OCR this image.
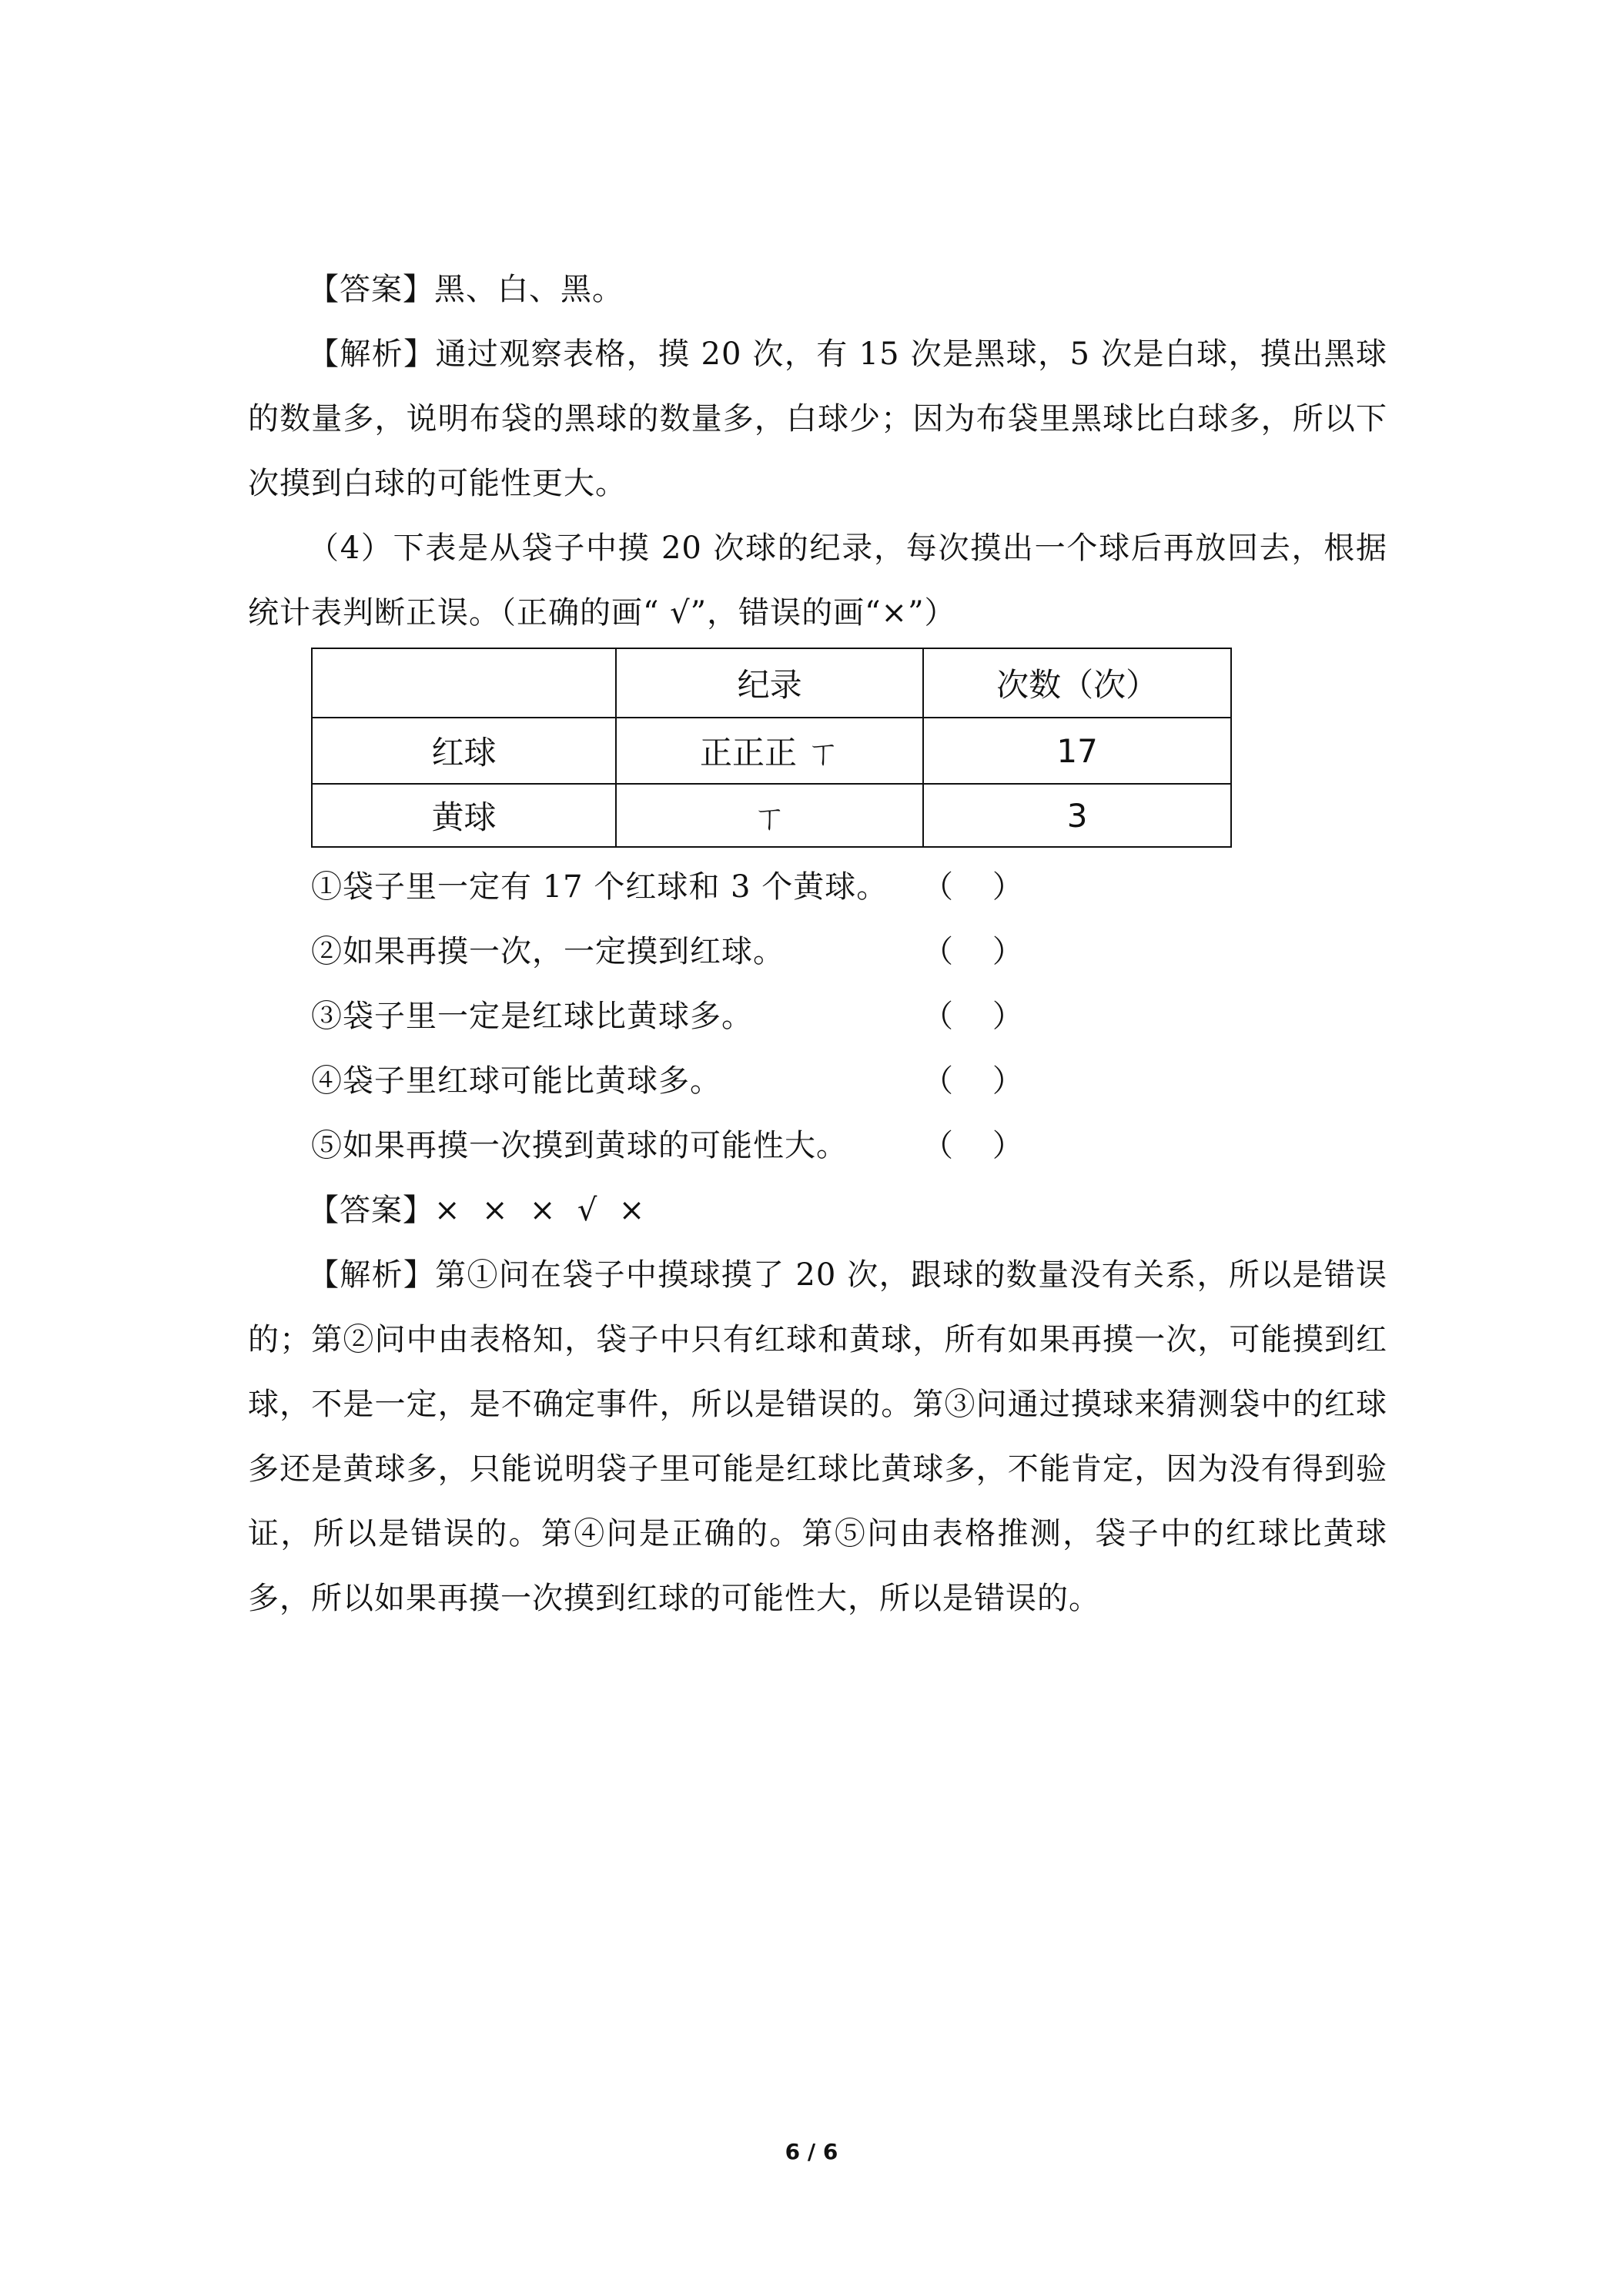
【答案】黑、白、黑。

【解析】通过观察表格，摸 20 次，有 15 次是黑球，5 次是白球，摸出黑球的数量多，说明布袋的黑球的数量多，白球少；因为布袋里黑球比白球多，所以下次摸到白球的可能性更大。

（4）下表是从袋子中摸 20 次球的纪录，每次摸出一个球后再放回去，根据统计表判断正误。（正确的画“ √”，错误的画“×”）

	纪录	次数（次）
红球	正正正 ㄒ	17
黄球	ㄒ	3
①袋子里一定有 17 个红球和 3 个黄球。 （    ）
②如果再摸一次，一定摸到红球。	（    ）
③袋子里一定是红球比黄球多。	（    ）
④袋子里红球可能比黄球多。	（    ）
⑤如果再摸一次摸到黄球的可能性大。 （    ）
【答案】×  ×  ×  √  ×

【解析】第①问在袋子中摸球摸了 20 次，跟球的数量没有关系，所以是错误的；第②问中由表格知，袋子中只有红球和黄球，所有如果再摸一次，可能摸到红球，不是一定，是不确定事件，所以是错误的。第③问通过摸球来猜测袋中的红球多还是黄球多，只能说明袋子里可能是红球比黄球多，不能肯定，因为没有得到验证，所以是错误的。第④问是正确的。第⑤问由表格推测，袋子中的红球比黄球多，所以如果再摸一次摸到红球的可能性大，所以是错误的。

6 / 6
